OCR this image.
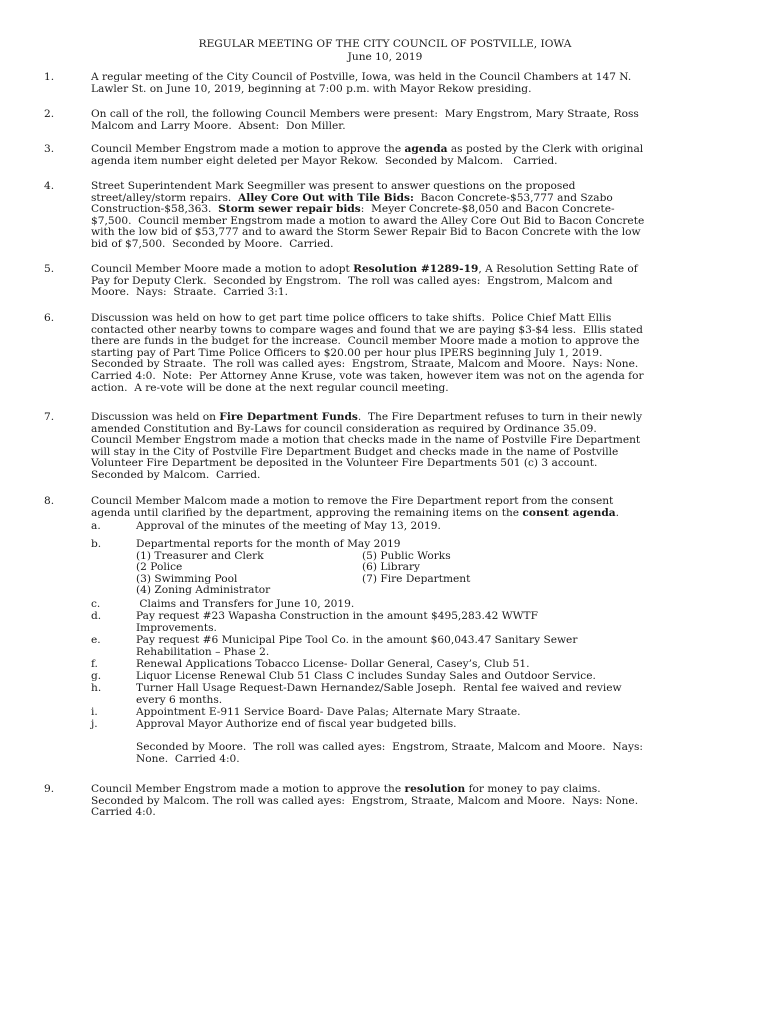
REGULAR MEETING OF THE CITY COUNCIL OF POSTVILLE, IOWA
June 10, 2019
1.	A regular meeting of the City Council of Postville, Iowa, was held in the Council Chambers at 147 N.
Lawler St. on June 10, 2019, beginning at 7:00 p.m. with Mayor Rekow presiding.
2.	On call of the roll, the following Council Members were present:  Mary Engstrom, Mary Straate, Ross
Malcom and Larry Moore.  Absent:  Don Miller.
3.	Council Member Engstrom made a motion to approve the agenda as posted by the Clerk with original
agenda item number eight deleted per Mayor Rekow.  Seconded by Malcom.   Carried.
4.	Street Superintendent Mark Seegmiller was present to answer questions on the proposed
street/alley/storm repairs.  Alley Core Out with Tile Bids:  Bacon Concrete-$53,777 and Szabo
Construction-$58,363.  Storm sewer repair bids:  Meyer Concrete-$8,050 and Bacon Concrete-
$7,500.  Council member Engstrom made a motion to award the Alley Core Out Bid to Bacon Concrete
with the low bid of $53,777 and to award the Storm Sewer Repair Bid to Bacon Concrete with the low
bid of $7,500.  Seconded by Moore.  Carried.
5.	Council Member Moore made a motion to adopt Resolution #1289-19, A Resolution Setting Rate of
Pay for Deputy Clerk.  Seconded by Engstrom.  The roll was called ayes:  Engstrom, Malcom and
Moore.  Nays:  Straate.  Carried 3:1.
6.	Discussion was held on how to get part time police officers to take shifts.  Police Chief Matt Ellis
contacted other nearby towns to compare wages and found that we are paying $3-$4 less.  Ellis stated
there are funds in the budget for the increase.  Council member Moore made a motion to approve the
starting pay of Part Time Police Officers to $20.00 per hour plus IPERS beginning July 1, 2019.
Seconded by Straate.  The roll was called ayes:  Engstrom, Straate, Malcom and Moore.  Nays: None.
Carried 4:0.  Note:  Per Attorney Anne Kruse, vote was taken, however item was not on the agenda for
action.  A re-vote will be done at the next regular council meeting.
7.	Discussion was held on Fire Department Funds.  The Fire Department refuses to turn in their newly
amended Constitution and By-Laws for council consideration as required by Ordinance 35.09.
Council Member Engstrom made a motion that checks made in the name of Postville Fire Department
will stay in the City of Postville Fire Department Budget and checks made in the name of Postville
Volunteer Fire Department be deposited in the Volunteer Fire Departments 501 (c) 3 account.
Seconded by Malcom.  Carried.
8.	Council Member Malcom made a motion to remove the Fire Department report from the consent
agenda until clarified by the department, approving the remaining items on the consent agenda.
a.	Approval of the minutes of the meeting of May 13, 2019.
b.	Departmental reports for the month of May 2019
(1) Treasurer and Clerk
(2 Police
(3) Swimming Pool
(4) Zoning Administrator
(5) Public Works
(6) Library
(7) Fire Department
c.	Claims and Transfers for June 10, 2019.
d.	Pay request #23 Wapasha Construction in the amount $495,283.42 WWTF
Improvements.
e.	Pay request #6 Municipal Pipe Tool Co. in the amount $60,043.47 Sanitary Sewer
Rehabilitation – Phase 2.
f.	Renewal Applications Tobacco License- Dollar General, Casey’s, Club 51.
g.	Liquor License Renewal Club 51 Class C includes Sunday Sales and Outdoor Service.
h.	Turner Hall Usage Request-Dawn Hernandez/Sable Joseph.  Rental fee waived and review
every 6 months.
i.	Appointment E-911 Service Board- Dave Palas; Alternate Mary Straate.
j.	Approval Mayor Authorize end of fiscal year budgeted bills.
Seconded by Moore.  The roll was called ayes:  Engstrom, Straate, Malcom and Moore.  Nays:
None.  Carried 4:0.
9.	Council Member Engstrom made a motion to approve the resolution for money to pay claims.
Seconded by Malcom. The roll was called ayes:  Engstrom, Straate, Malcom and Moore.  Nays: None.
Carried 4:0.
